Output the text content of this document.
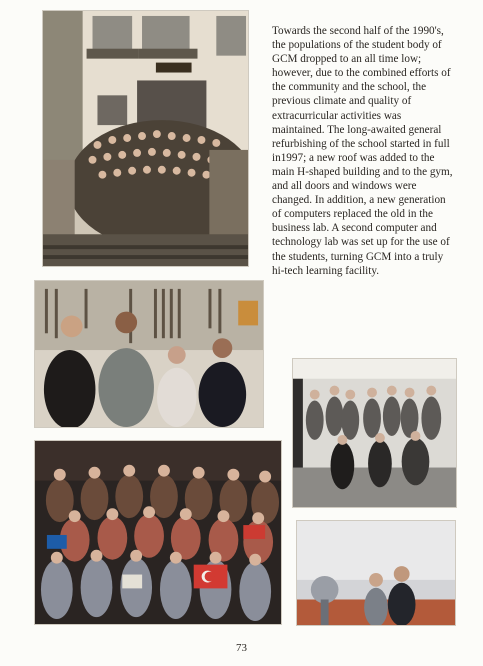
Towards the second half of the 1990's, the populations of the student body of GCM dropped to an all time low; however, due to the combined efforts of the community and the school, the previous climate and quality of extracurricular activities was maintained. The long-awaited general refurbishing of the school started in full in1997; a new roof was added to the main H-shaped building and to the gym, and all doors and windows were changed. In addition, a new generation of computers replaced the old in the business lab. A second computer and technology lab was set up for the use of the students, turning GCM into a truly hi-tech learning facility.

73
